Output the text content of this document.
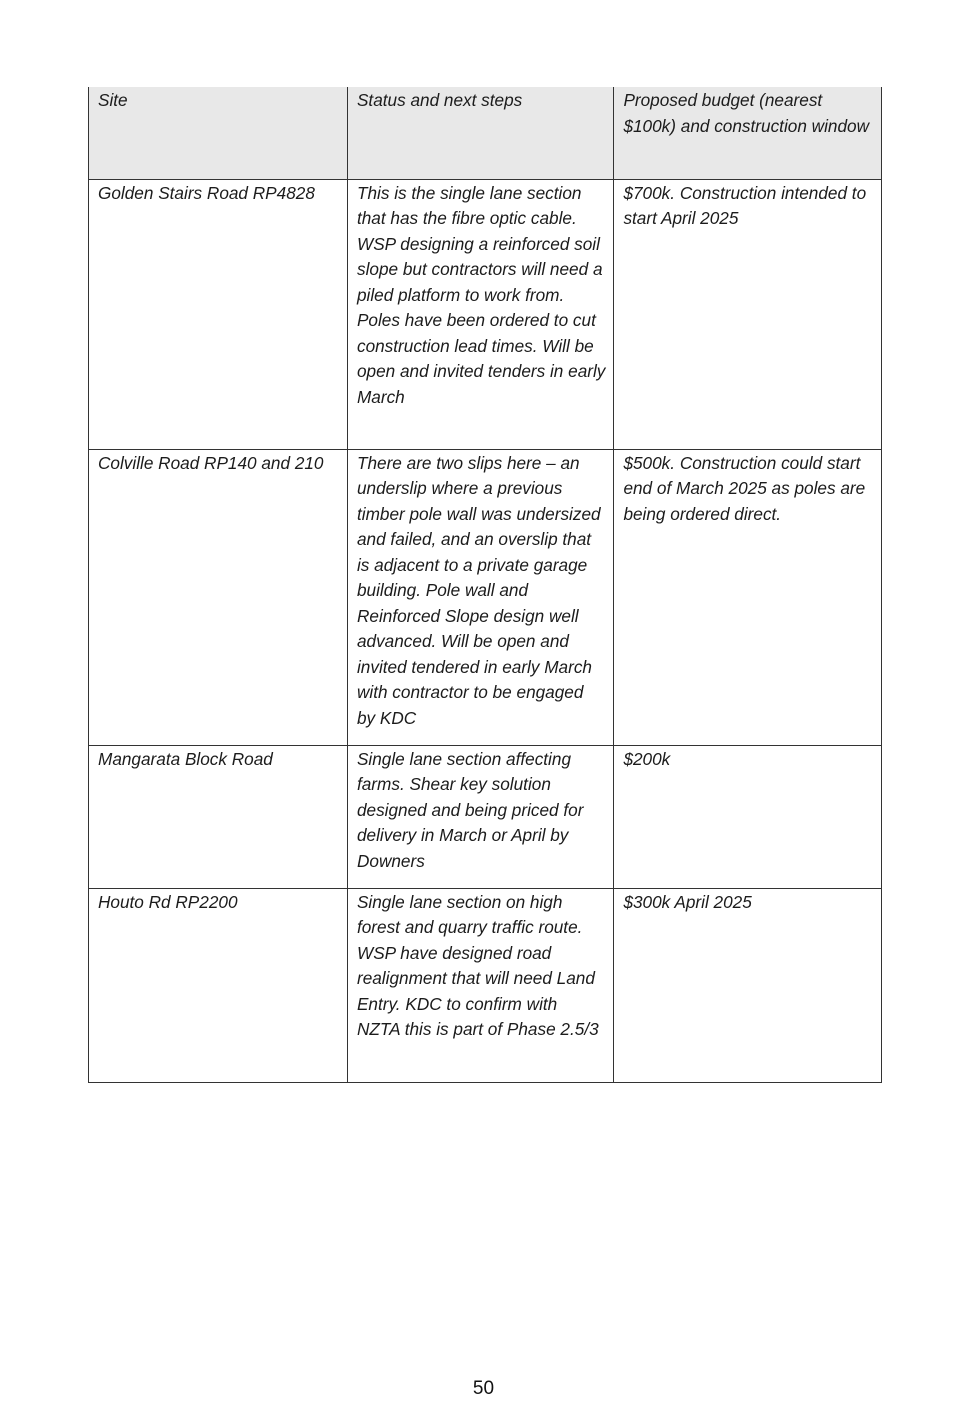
Site	Status and next steps	Proposed budget (nearest $100k) and construction window
Golden Stairs Road RP4828	This is the single lane section that has the fibre optic cable. WSP designing a reinforced soil slope but contractors will need a piled platform to work from. Poles have been ordered to cut construction lead times. Will be open and invited tenders in early March	$700k. Construction intended to start April 2025
Colville Road RP140 and 210	There are two slips here – an underslip where a previous timber pole wall was undersized and failed, and an overslip that is adjacent to a private garage building. Pole wall and Reinforced Slope design well advanced. Will be open and invited tendered in early March with contractor to be engaged by KDC	$500k. Construction could start end of March 2025 as poles are being ordered direct.
Mangarata Block Road	Single lane section affecting farms. Shear key solution designed and being priced for delivery in March or April by Downers	$200k
Houto Rd RP2200	Single lane section on high forest and quarry traffic route. WSP have designed road realignment that will need Land Entry. KDC to confirm with NZTA this is part of Phase 2.5/3	$300k April 2025
50
